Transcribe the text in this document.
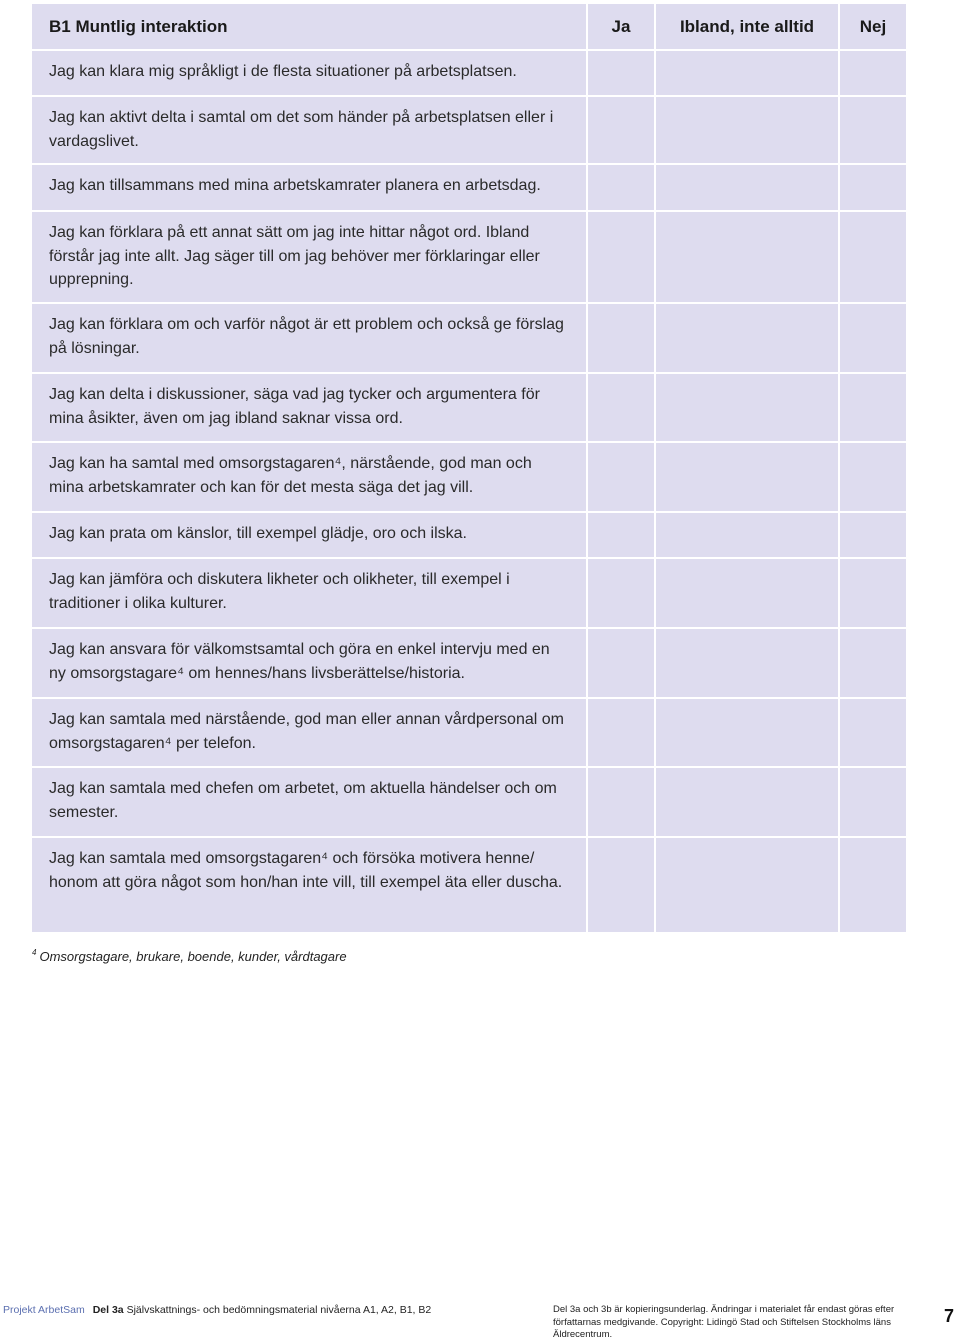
B1 Muntlig interaktion	Ja	Ibland, inte alltid	Nej
Jag kan klara mig språkligt i de flesta situationer på arbetsplatsen.
Jag kan aktivt delta i samtal om det som händer på arbetsplatsen eller i vardagslivet.
Jag kan tillsammans med mina arbetskamrater planera en arbetsdag.
Jag kan förklara på ett annat sätt om jag inte hittar något ord. Ibland förstår jag inte allt. Jag säger till om jag behöver mer förklaringar eller upprepning.
Jag kan förklara om och varför något är ett problem och också ge förslag på lösningar.
Jag kan delta i diskussioner, säga vad jag tycker och argumentera för mina åsikter, även om jag ibland saknar vissa ord.
Jag kan ha samtal med omsorgstagaren⁴, närstående, god man och mina arbetskamrater och kan för det mesta säga det jag vill.
Jag kan prata om känslor, till exempel glädje, oro och ilska.
Jag kan jämföra och diskutera likheter och olikheter, till exempel i traditioner i olika kulturer.
Jag kan ansvara för välkomstsamtal och göra en enkel intervju med en ny omsorgstagare⁴ om hennes/hans livsberättelse/historia.
Jag kan samtala med närstående, god man eller annan vårdpersonal om omsorgstagaren⁴ per telefon.
Jag kan samtala med chefen om arbetet, om aktuella händelser och om semester.
Jag kan samtala med omsorgstagaren⁴ och försöka motivera henne/ honom att göra något som hon/han inte vill, till exempel äta eller duscha.
$^4$ Omsorgstagare, brukare, boende, kunder, vårdtagare
Projekt ArbetSam Del 3a Självskattnings- och bedömningsmaterial nivåerna A1, A2, B1, B2	Del 3a och 3b är kopieringsunderlag. Ändringar i materialet får endast göras efter författarnas medgivande. Copyright: Lidingö Stad och Stiftelsen Stockholms läns Äldrecentrum.
7
